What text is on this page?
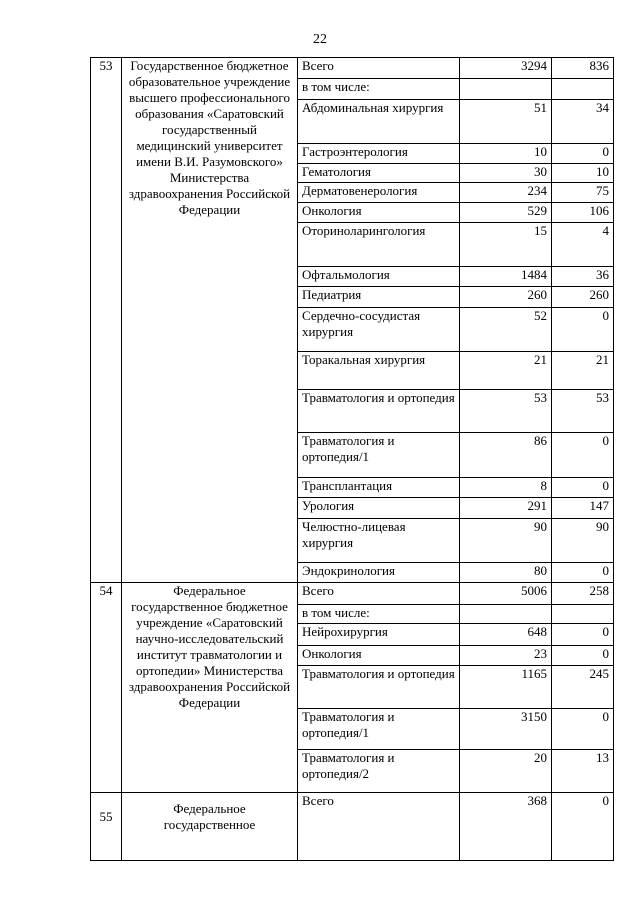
22
53	Государственное бюджетное образовательное учреждение высшего профессионального образования «Саратовский государственный медицинский университет имени В.И. Разумовского» Министерства здравоохранения Российской Федерации	Всего	3294	836
		в том числе:		
		Абдоминальная хирургия	51	34
		Гастроэнтерология	10	0
		Гематология	30	10
		Дерматовенерология	234	75
		Онкология	529	106
		Оториноларингология	15	4
		Офтальмология	1484	36
		Педиатрия	260	260
		Сердечно-сосудистая хирургия	52	0
		Торакальная хирургия	21	21
		Травматология и ортопедия	53	53
		Травматология и ортопедия/1	86	0
		Трансплантация	8	0
		Урология	291	147
		Челюстно-лицевая хирургия	90	90
		Эндокринология	80	0
54	Федеральное государственное бюджетное учреждение «Саратовский научно-исследовательский институт травматологии и ортопедии» Министерства здравоохранения Российской Федерации	Всего	5006	258
		в том числе:		
		Нейрохирургия	648	0
		Онкология	23	0
		Травматология и ортопедия	1165	245
		Травматология и ортопедия/1	3150	0
		Травматология и ортопедия/2	20	13
55	Федеральное государственное	Всего	368	0
